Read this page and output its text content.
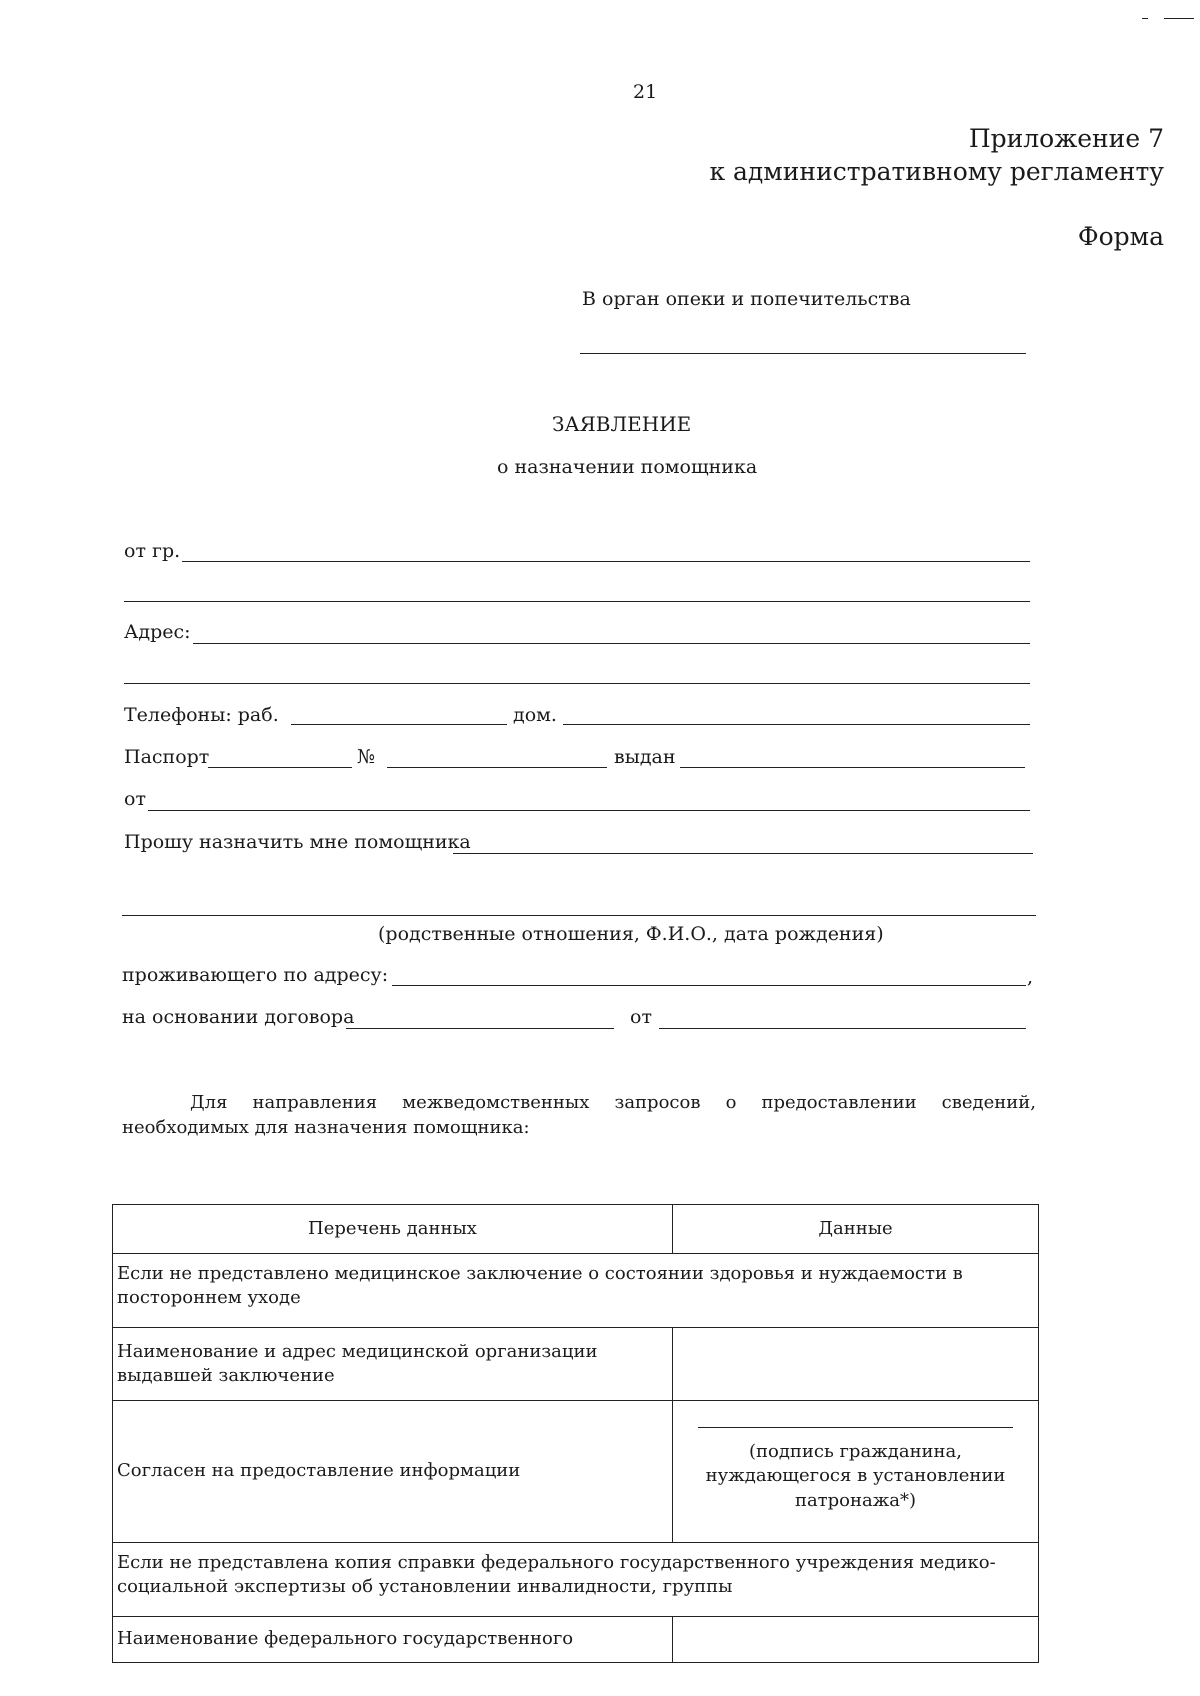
21
Приложение 7
к административному регламенту
Форма
В орган опеки и попечительства
ЗАЯВЛЕНИЕ
о назначении помощника
от гр.
Адрес:
Телефоны: раб.	дом.
Паспорт	№	выдан
от
Прошу назначить мне помощника
(родственные отношения, Ф.И.О., дата рождения)
проживающего по адресу:	,
на основании договора	от
Для направления межведомственных запросов о предоставлении сведений, необходимых для назначения помощника:
Перечень данных	Данные
Если не представлено медицинское заключение о состоянии здоровья и нуждаемости в постороннем уходе	
Наименование и адрес медицинской организации выдавшей заключение	
Согласен на предоставление информации	(подпись гражданина, нуждающегося в установлении патронажа*)

Если не представлена копия справки федерального государственного учреждения медико-социальной экспертизы об установлении инвалидности, группы	
Наименование федерального государственного	
